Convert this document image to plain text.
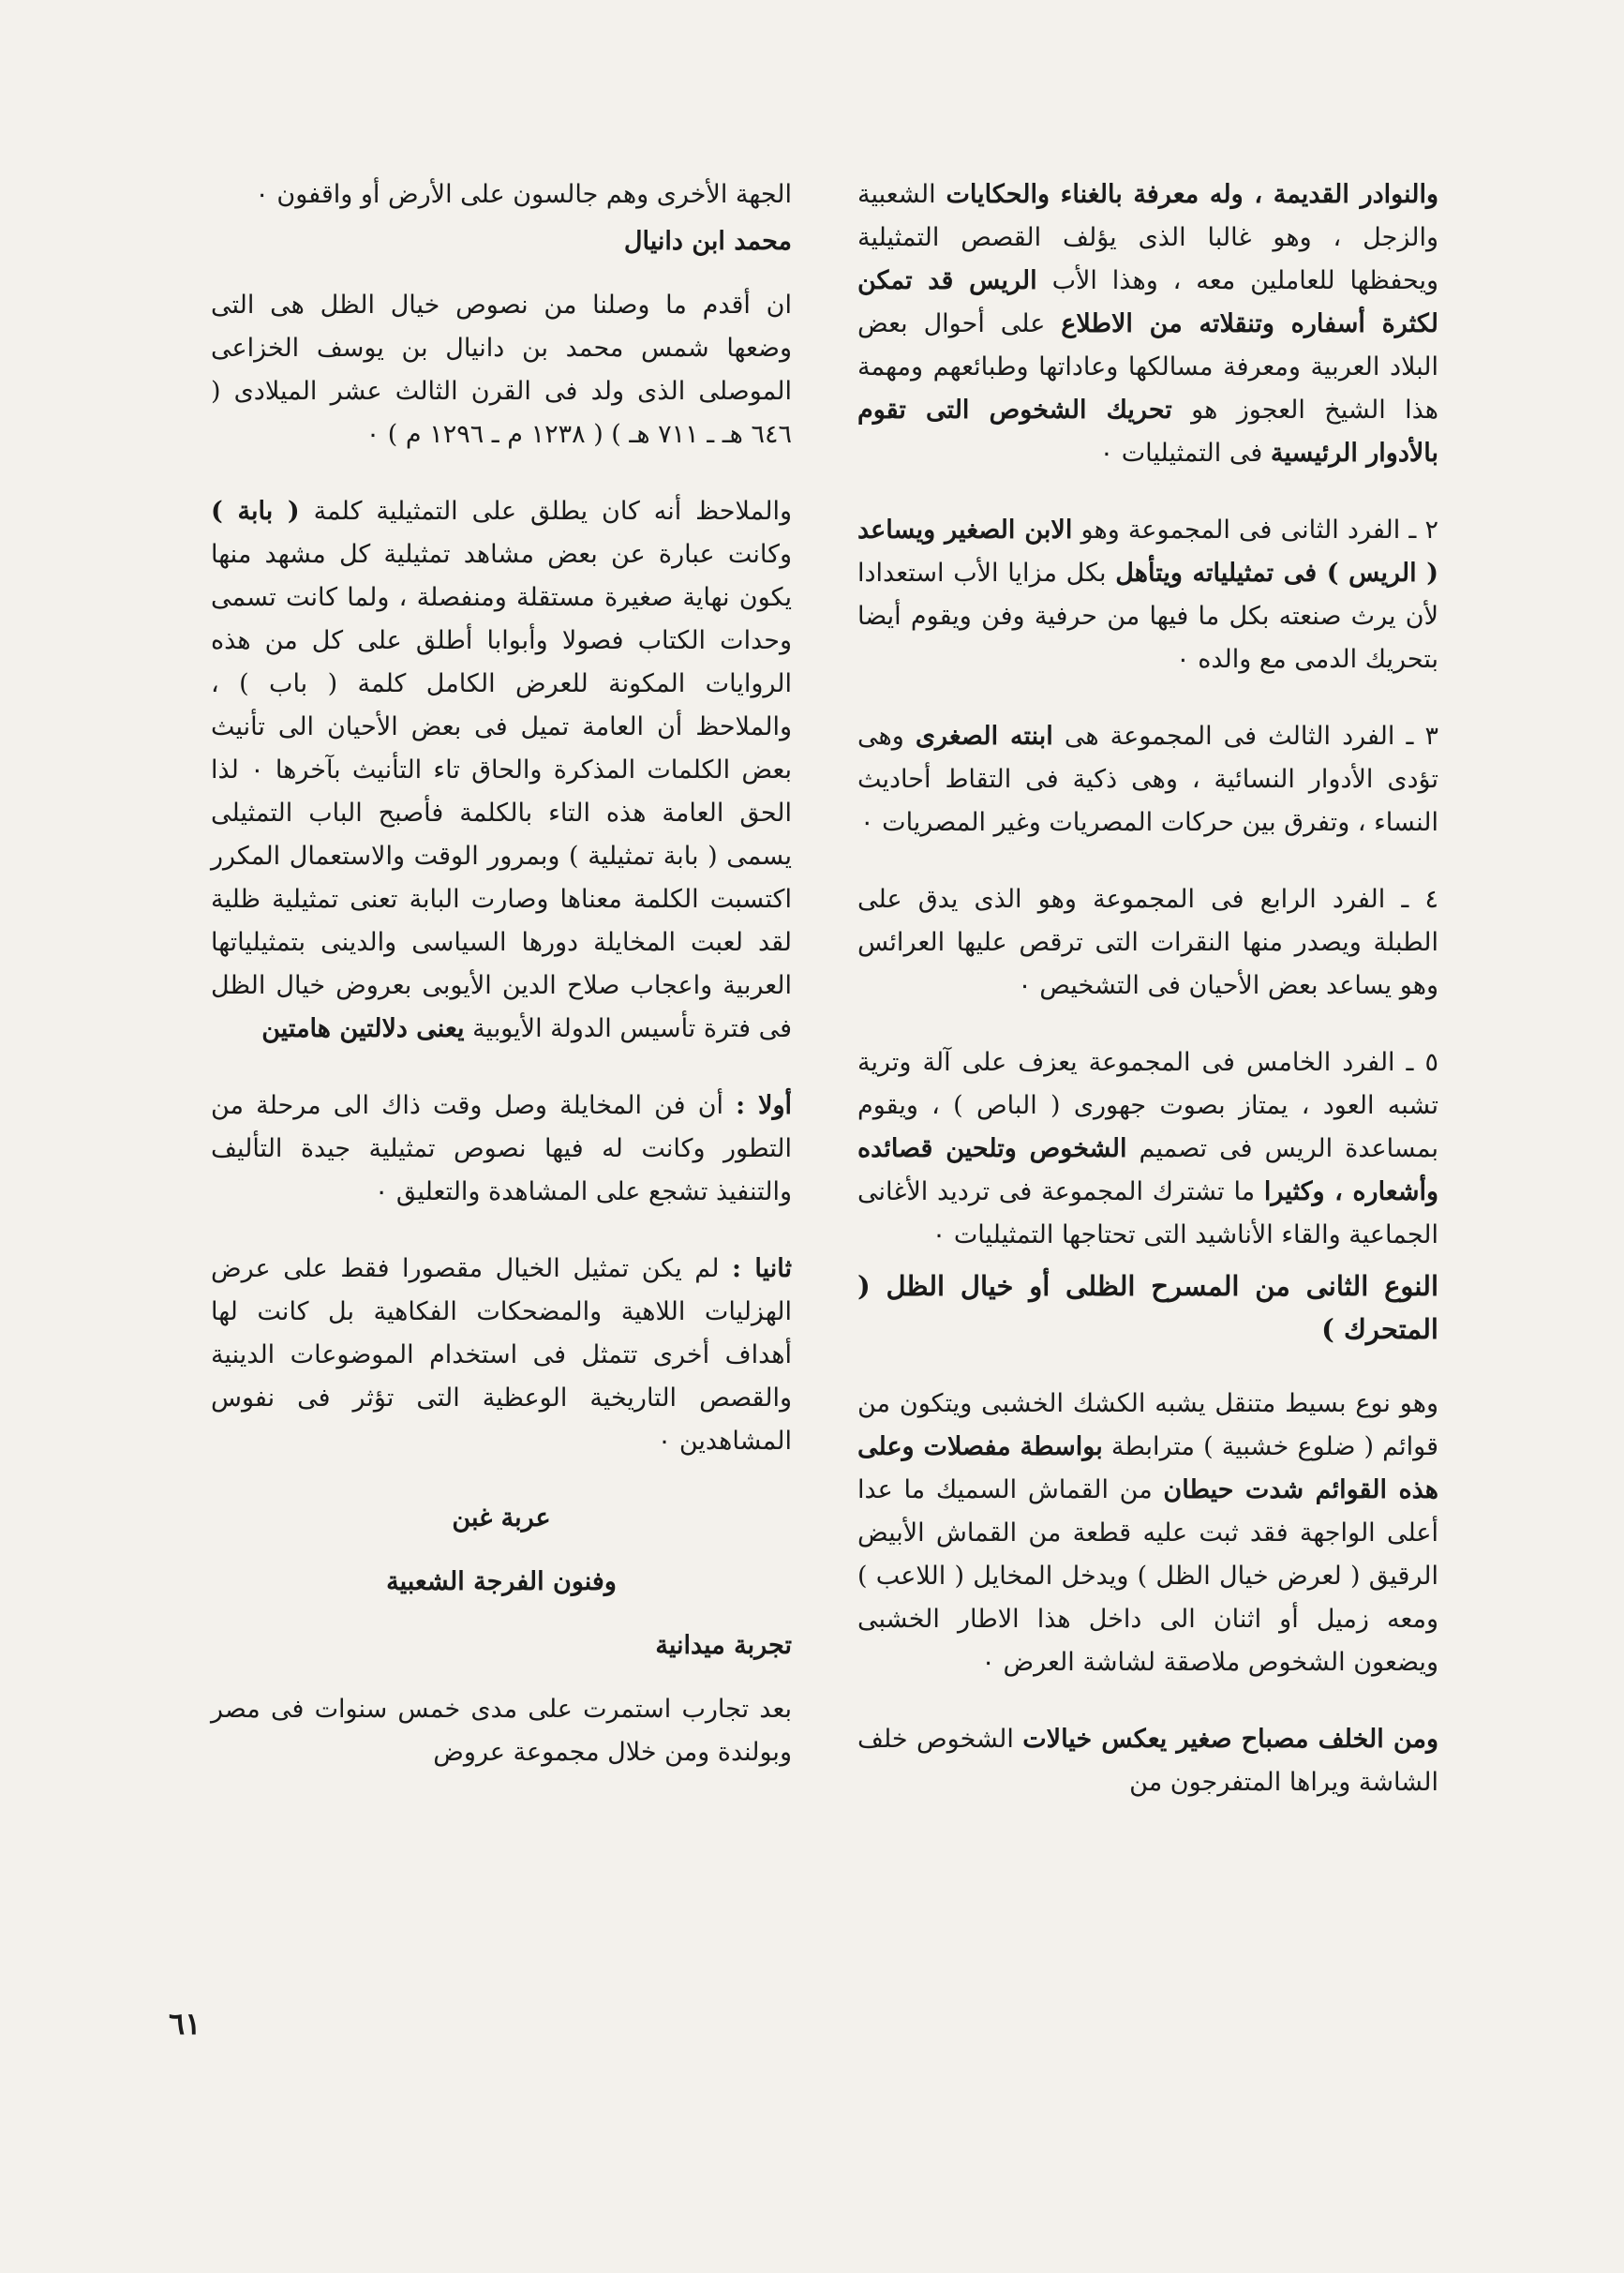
والنوادر القديمة ، وله معرفة بالغناء والحكايات الشعبية والزجل ، وهو غالبا الذى يؤلف القصص التمثيلية ويحفظها للعاملين معه ، وهذا الأب الريس قد تمكن لكثرة أسفاره وتنقلاته من الاطلاع على أحوال بعض البلاد العربية ومعرفة مسالكها وعاداتها وطبائعهم ومهمة هذا الشيخ العجوز هو تحريك الشخوص التى تقوم بالأدوار الرئيسية فى التمثيليات ٠

٢ ـ الفرد الثانى فى المجموعة وهو الابن الصغير ويساعد ( الريس ) فى تمثيلياته ويتأهل بكل مزايا الأب استعدادا لأن يرث صنعته بكل ما فيها من حرفية وفن ويقوم أيضا بتحريك الدمى مع والده ٠

٣ ـ الفرد الثالث فى المجموعة هى ابنته الصغرى وهى تؤدى الأدوار النسائية ، وهى ذكية فى التقاط أحاديث النساء ، وتفرق بين حركات المصريات وغير المصريات ٠

٤ ـ الفرد الرابع فى المجموعة وهو الذى يدق على الطبلة ويصدر منها النقرات التى ترقص عليها العرائس وهو يساعد بعض الأحيان فى التشخيص ٠

٥ ـ الفرد الخامس فى المجموعة يعزف على آلة وترية تشبه العود ، يمتاز بصوت جهورى ( الباص ) ، ويقوم بمساعدة الريس فى تصميم الشخوص وتلحين قصائده وأشعاره ، وكثيرا ما تشترك المجموعة فى ترديد الأغانى الجماعية والقاء الأناشيد التى تحتاجها التمثيليات ٠

النوع الثانى من المسرح الظلى أو خيال الظل ( المتحرك )

وهو نوع بسيط متنقل يشبه الكشك الخشبى ويتكون من قوائم ( ضلوع خشبية ) مترابطة بواسطة مفصلات وعلى هذه القوائم شدت حيطان من القماش السميك ما عدا أعلى الواجهة فقد ثبت عليه قطعة من القماش الأبيض الرقيق ( لعرض خيال الظل ) ويدخل المخايل ( اللاعب ) ومعه زميل أو اثنان الى داخل هذا الاطار الخشبى ويضعون الشخوص ملاصقة لشاشة العرض ٠

ومن الخلف مصباح صغير يعكس خيالات الشخوص خلف الشاشة ويراها المتفرجون من

الجهة الأخرى وهم جالسون على الأرض أو واقفون ٠

محمد ابن دانيال

ان أقدم ما وصلنا من نصوص خيال الظل هى التى وضعها شمس محمد بن دانيال بن يوسف الخزاعى الموصلى الذى ولد فى القرن الثالث عشر الميلادى ( ٦٤٦ هـ ـ ٧١١ هـ ) ( ١٢٣٨ م ـ ١٢٩٦ م ) ٠

والملاحظ أنه كان يطلق على التمثيلية كلمة ( بابة ) وكانت عبارة عن بعض مشاهد تمثيلية كل مشهد منها يكون نهاية صغيرة مستقلة ومنفصلة ، ولما كانت تسمى وحدات الكتاب فصولا وأبوابا أطلق على كل من هذه الروايات المكونة للعرض الكامل كلمة ( باب ) ، والملاحظ أن العامة تميل فى بعض الأحيان الى تأنيث بعض الكلمات المذكرة والحاق تاء التأنيث بآخرها ٠ لذا الحق العامة هذه التاء بالكلمة فأصبح الباب التمثيلى يسمى ( بابة تمثيلية ) وبمرور الوقت والاستعمال المكرر اكتسبت الكلمة معناها وصارت البابة تعنى تمثيلية ظلية لقد لعبت المخايلة دورها السياسى والدينى بتمثيلياتها العربية واعجاب صلاح الدين الأيوبى بعروض خيال الظل فى فترة تأسيس الدولة الأيوبية يعنى دلالتين هامتين

أولا : أن فن المخايلة وصل وقت ذاك الى مرحلة من التطور وكانت له فيها نصوص تمثيلية جيدة التأليف والتنفيذ تشجع على المشاهدة والتعليق ٠

ثانيا : لم يكن تمثيل الخيال مقصورا فقط على عرض الهزليات اللاهية والمضحكات الفكاهية بل كانت لها أهداف أخرى تتمثل فى استخدام الموضوعات الدينية والقصص التاريخية الوعظية التى تؤثر فى نفوس المشاهدين ٠

عربة غبن
وفنون الفرجة الشعبية
تجربة ميدانية

بعد تجارب استمرت على مدى خمس سنوات فى مصر وبولندة ومن خلال مجموعة عروض

٦١
